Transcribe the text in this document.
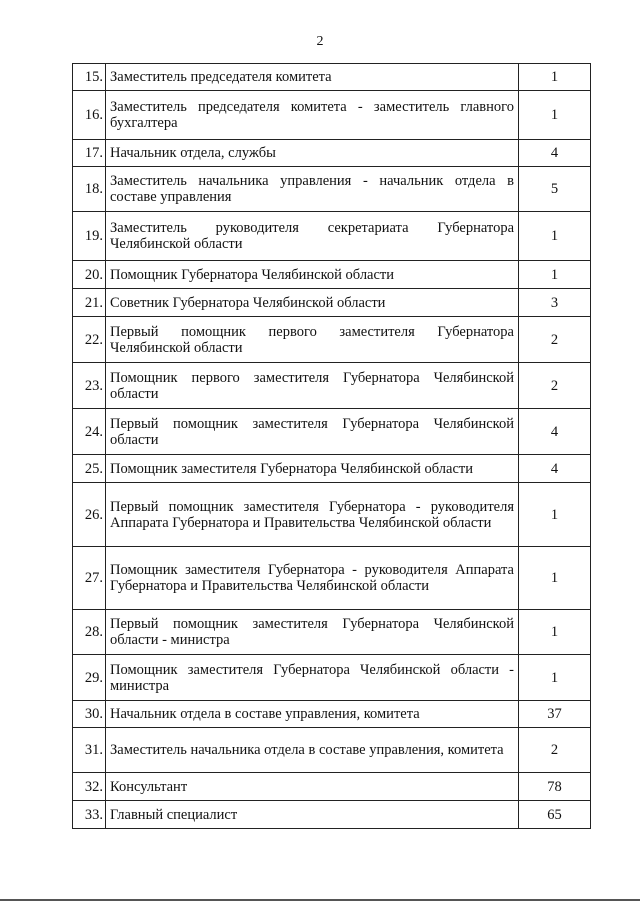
2
15.	Заместитель председателя комитета	1
16.	Заместитель председателя комитета - заместитель главного бухгалтера	1
17.	Начальник отдела, службы	4
18.	Заместитель начальника управления - начальник отдела в составе управления	5
19.	Заместитель руководителя секретариата Губернатора Челябинской области	1
20.	Помощник Губернатора Челябинской области	1
21.	Советник Губернатора Челябинской области	3
22.	Первый помощник первого заместителя Губернатора Челябинской области	2
23.	Помощник первого заместителя Губернатора Челябинской области	2
24.	Первый помощник заместителя Губернатора Челябинской области	4
25.	Помощник заместителя Губернатора Челябинской области	4
26.	Первый помощник заместителя Губернатора - руководителя Аппарата Губернатора и Правительства Челябинской области	1
27.	Помощник заместителя Губернатора - руководителя Аппарата Губернатора и Правительства Челябинской области	1
28.	Первый помощник заместителя Губернатора Челябинской области - министра	1
29.	Помощник заместителя Губернатора Челябинской области - министра	1
30.	Начальник отдела в составе управления, комитета	37
31.	Заместитель начальника отдела в составе управления, комитета	2
32.	Консультант	78
33.	Главный специалист	65
